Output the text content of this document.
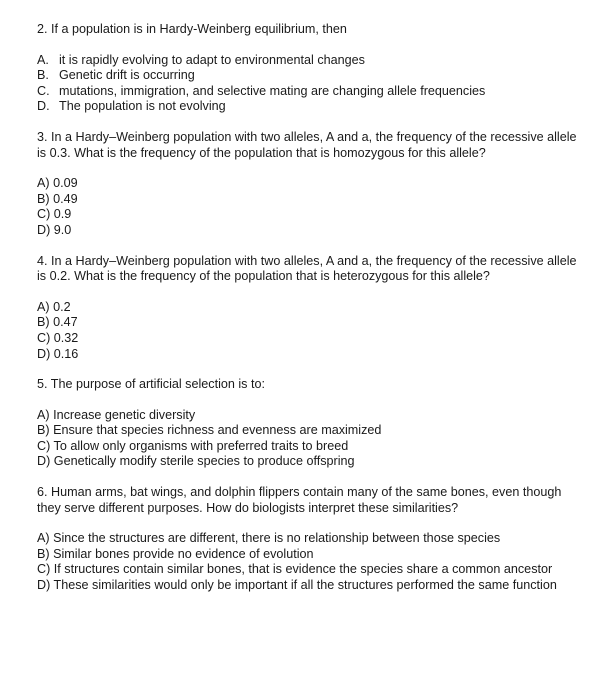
2. If a population is in Hardy-Weinberg equilibrium, then

A. it is rapidly evolving to adapt to environmental changes
B. Genetic drift is occurring
C. mutations, immigration, and selective mating are changing allele frequencies
D. The population is not evolving

3. In a Hardy–Weinberg population with two alleles, A and a, the frequency of the recessive allele is 0.3. What is the frequency of the population that is homozygous for this allele?

A) 0.09
B) 0.49
C) 0.9
D) 9.0

4. In a Hardy–Weinberg population with two alleles, A and a, the frequency of the recessive allele is 0.2. What is the frequency of the population that is heterozygous for this allele?

A) 0.2
B) 0.47
C) 0.32
D) 0.16

5. The purpose of artificial selection is to:

A) Increase genetic diversity
B) Ensure that species richness and evenness are maximized
C) To allow only organisms with preferred traits to breed
D) Genetically modify sterile species to produce offspring

6. Human arms, bat wings, and dolphin flippers contain many of the same bones, even though they serve different purposes. How do biologists interpret these similarities?

A) Since the structures are different, there is no relationship between those species
B) Similar bones provide no evidence of evolution
C) If structures contain similar bones, that is evidence the species share a common ancestor
D) These similarities would only be important if all the structures performed the same function
